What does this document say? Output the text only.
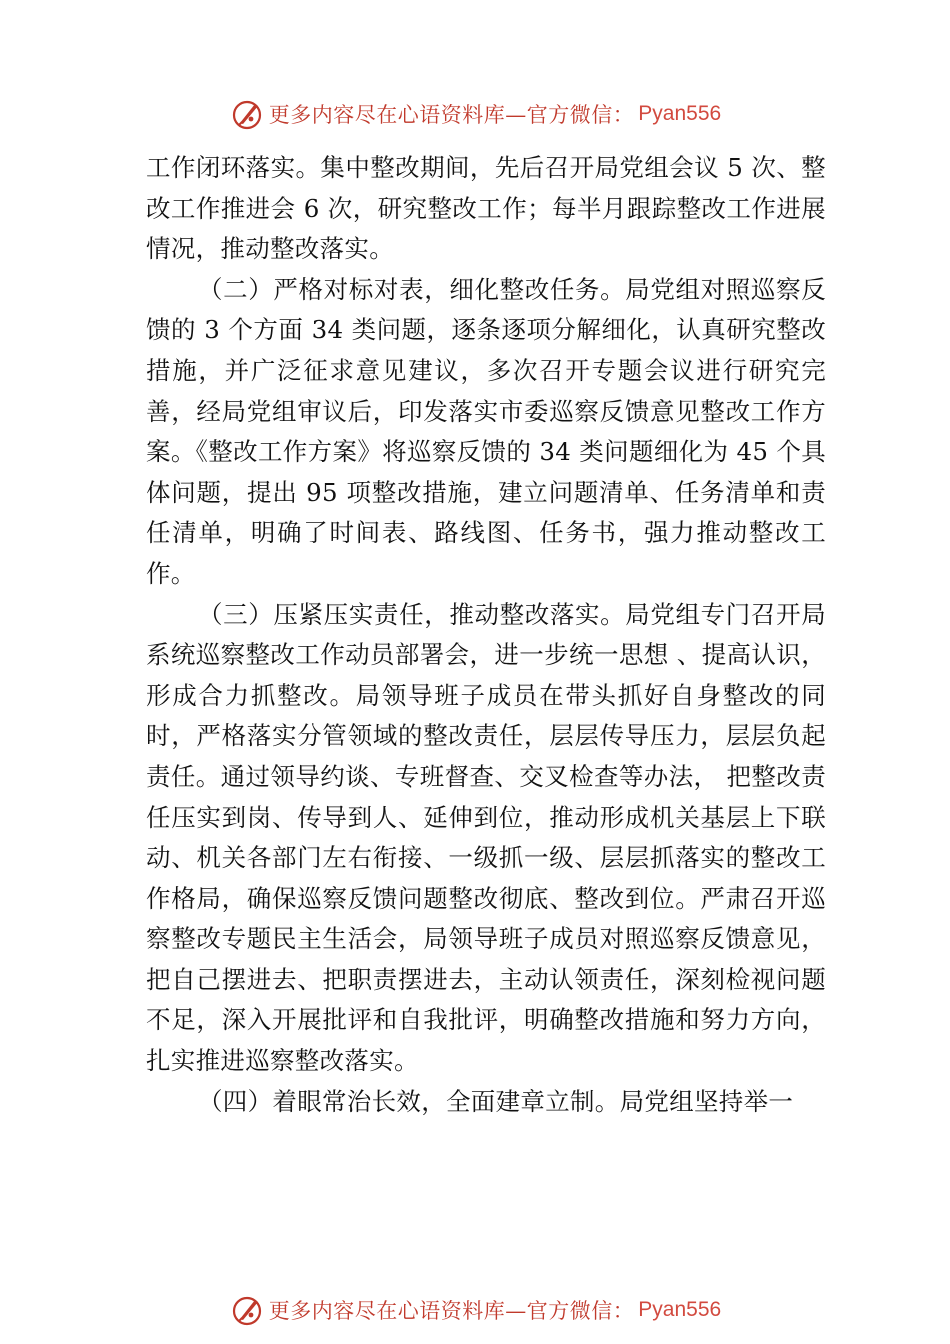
更多内容尽在心语资料库—官方微信： Pyan556

工作闭环落实。集中整改期间，先后召开局党组会议 5 次、整改工作推进会 6 次，研究整改工作；每半月跟踪整改工作进展情况，推动整改落实。

（二）严格对标对表，细化整改任务。局党组对照巡察反馈的 3 个方面 34 类问题，逐条逐项分解细化，认真研究整改措施，并广泛征求意见建议，多次召开专题会议进行研究完善，经局党组审议后，印发落实市委巡察反馈意见整改工作方案。《整改工作方案》将巡察反馈的 34 类问题细化为 45 个具体问题，提出 95 项整改措施，建立问题清单、任务清单和责任清单，明确了时间表、路线图、任务书，强力推动整改工作。

（三）压紧压实责任，推动整改落实。局党组专门召开局系统巡察整改工作动员部署会，进一步统一思想 、提高认识，形成合力抓整改。局领导班子成员在带头抓好自身整改的同时，严格落实分管领域的整改责任，层层传导压力，层层负起责任。通过领导约谈、专班督查、交叉检查等办法， 把整改责任压实到岗、传导到人、延伸到位，推动形成机关基层上下联动、机关各部门左右衔接、一级抓一级、层层抓落实的整改工作格局，确保巡察反馈问题整改彻底、整改到位。严肃召开巡察整改专题民主生活会，局领导班子成员对照巡察反馈意见，把自己摆进去、把职责摆进去，主动认领责任，深刻检视问题不足，深入开展批评和自我批评，明确整改措施和努力方向，扎实推进巡察整改落实。

（四）着眼常治长效，全面建章立制。局党组坚持举一

更多内容尽在心语资料库—官方微信： Pyan556
